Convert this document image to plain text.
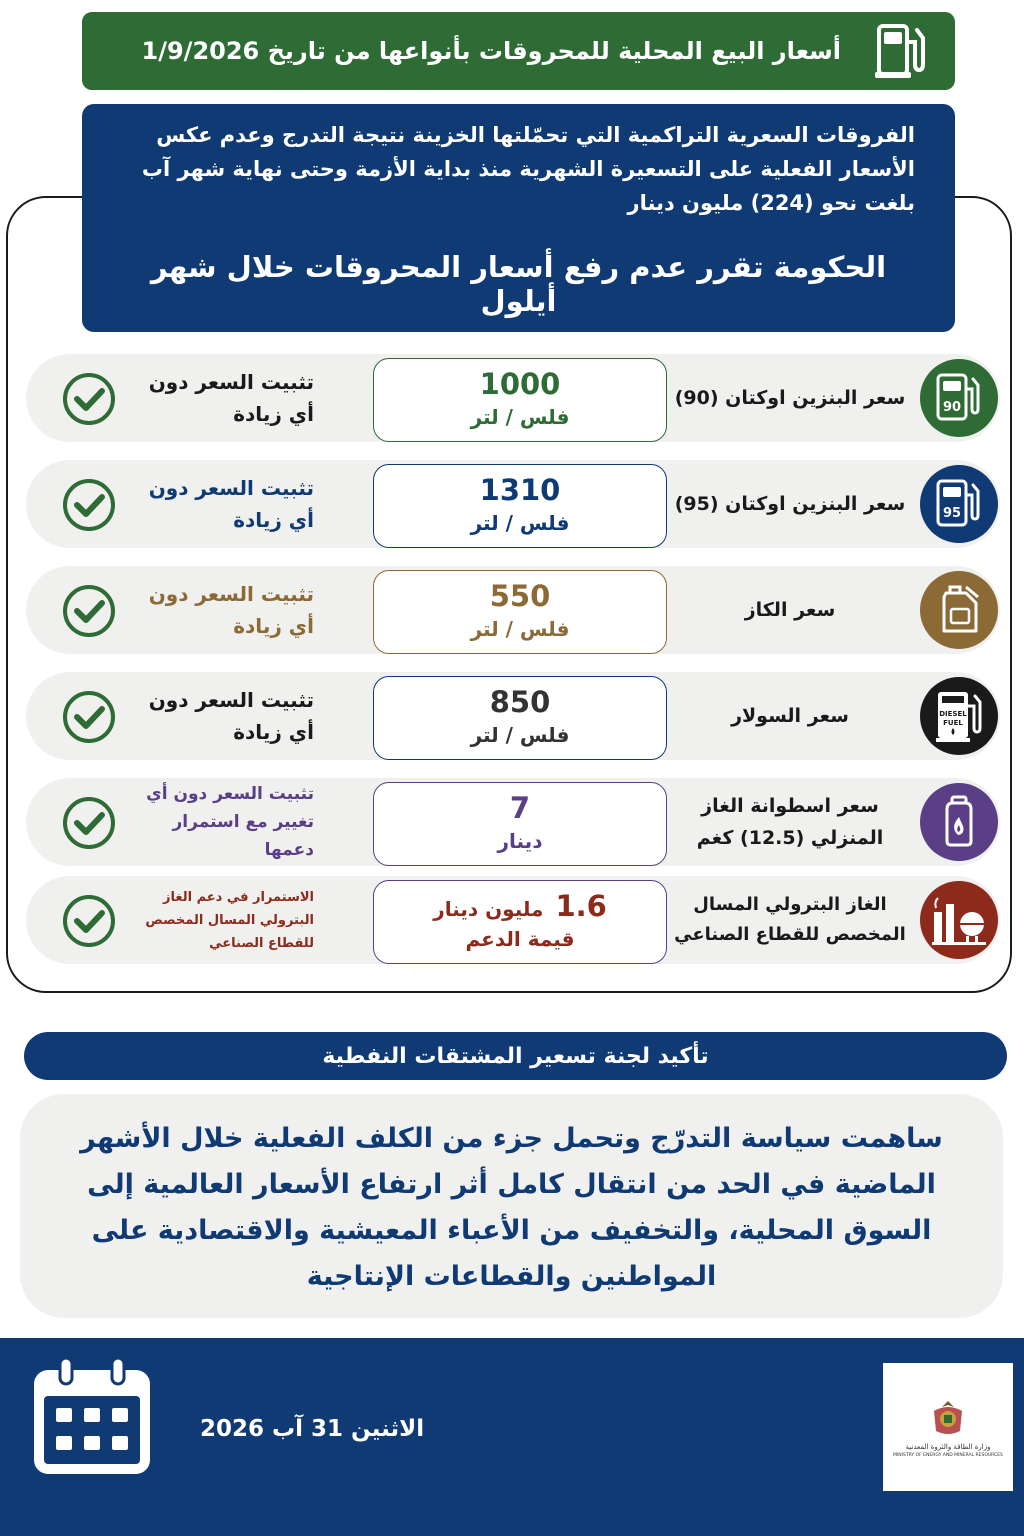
أسعار البيع المحلية للمحروقات بأنواعها من تاريخ 1/9/2026
الفروقات السعرية التراكمية التي تحمّلتها الخزينة نتيجة التدرج وعدم عكس الأسعار الفعلية على التسعيرة الشهرية منذ بداية الأزمة وحتى نهاية شهر آب بلغت نحو (224) مليون دينار
الحكومة تقرر عدم رفع أسعار المحروقات خلال شهر أيلول
90
سعر البنزين اوكتان (90)
1000
فلس / لتر
تثبيت السعر دون أي زيادة
95
سعر البنزين اوكتان (95)
1310
فلس / لتر
تثبيت السعر دون أي زيادة
سعر الكاز
550
فلس / لتر
تثبيت السعر دون أي زيادة
DIESEL
FUEL
سعر السولار
850
فلس / لتر
تثبيت السعر دون أي زيادة
سعر اسطوانة الغاز المنزلي (12.5) كغم
7
دينار
تثبيت السعر دون أي تغيير مع استمرار دعمها
الغاز البترولي المسال المخصص للقطاع الصناعي
1.6
مليون دينار
قيمة الدعم
الاستمرار في دعم الغاز البترولي المسال المخصص للقطاع الصناعي
تأكيد لجنة تسعير المشتقات النفطية
ساهمت سياسة التدرّج وتحمل جزء من الكلف الفعلية خلال الأشهر الماضية في الحد من انتقال كامل أثر ارتفاع الأسعار العالمية إلى السوق المحلية، والتخفيف من الأعباء المعيشية والاقتصادية على المواطنين والقطاعات الإنتاجية
الاثنين 31 آب 2026
وزارة الطاقة والثروة المعدنية
MINISTRY OF ENERGY AND MINERAL RESOURCES
